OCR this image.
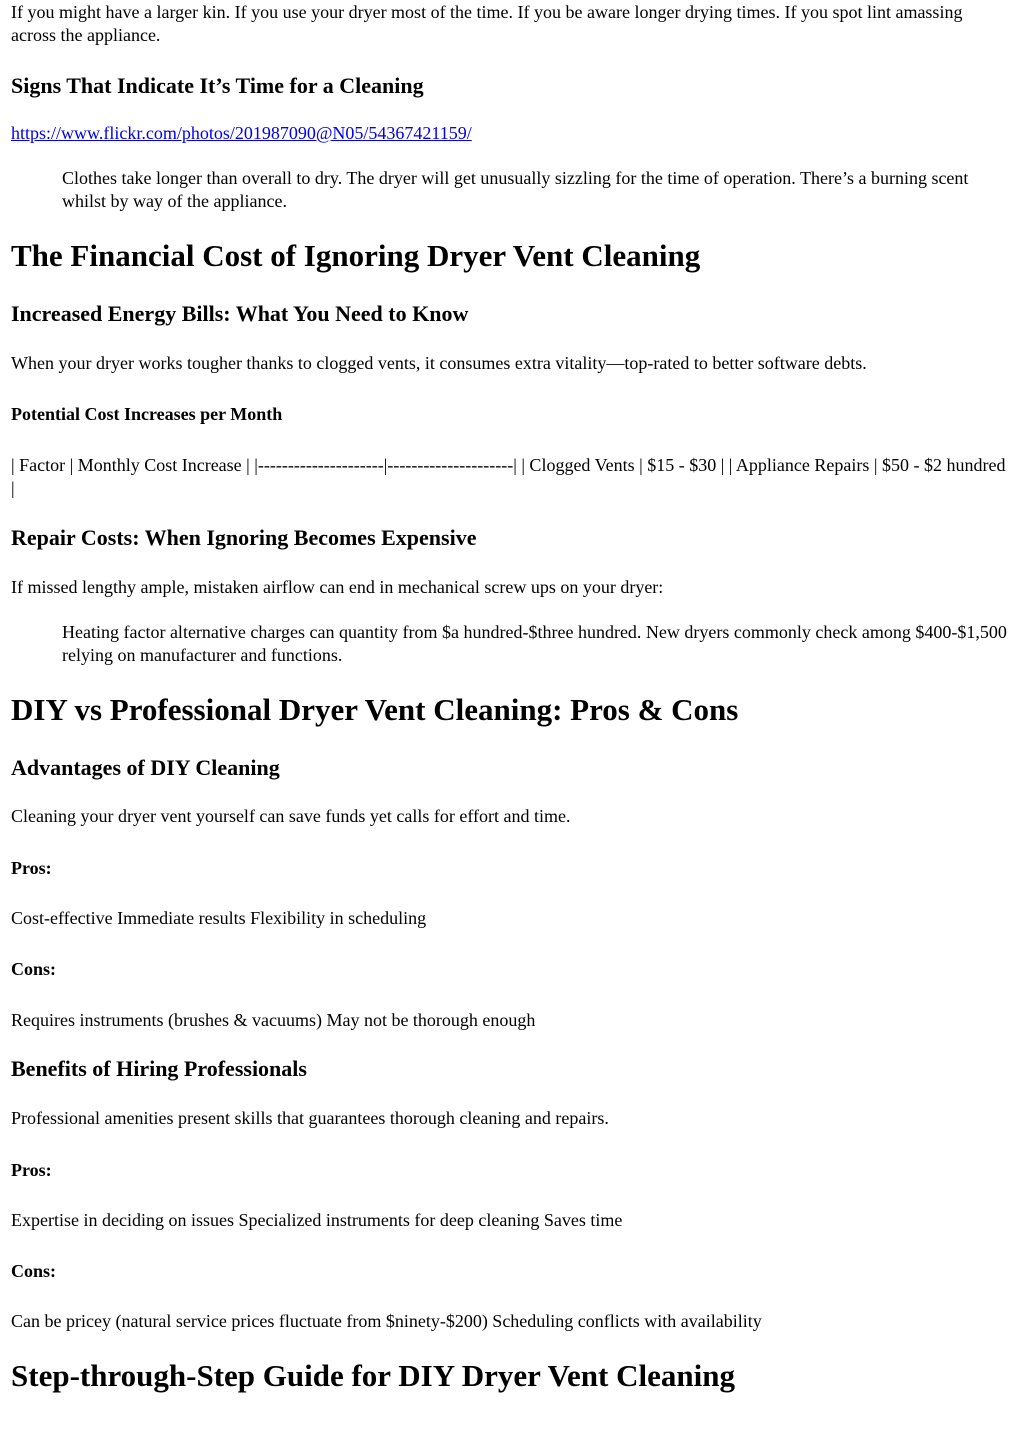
If you might have a larger kin. If you use your dryer most of the time. If you be aware longer drying times. If you spot lint amassing across the appliance.

Signs That Indicate It’s Time for a Cleaning

https://www.flickr.com/photos/201987090@N05/54367421159/

Clothes take longer than overall to dry. The dryer will get unusually sizzling for the time of operation. There’s a burning scent whilst by way of the appliance.
The Financial Cost of Ignoring Dryer Vent Cleaning
Increased Energy Bills: What You Need to Know

When your dryer works tougher thanks to clogged vents, it consumes extra vitality—top-rated to better software debts.

Potential Cost Increases per Month

| Factor | Monthly Cost Increase | |---------------------|---------------------| | Clogged Vents | $15 - $30 | | Appliance Repairs | $50 - $2 hundred |

Repair Costs: When Ignoring Becomes Expensive

If missed lengthy ample, mistaken airflow can end in mechanical screw ups on your dryer:

Heating factor alternative charges can quantity from $a hundred-$three hundred. New dryers commonly check among $400-$1,500 relying on manufacturer and functions.
DIY vs Professional Dryer Vent Cleaning: Pros & Cons
Advantages of DIY Cleaning

Cleaning your dryer vent yourself can save funds yet calls for effort and time.

Pros:

Cost-effective Immediate results Flexibility in scheduling

Cons:

Requires instruments (brushes & vacuums) May not be thorough enough

Benefits of Hiring Professionals

Professional amenities present skills that guarantees thorough cleaning and repairs.

Pros:

Expertise in deciding on issues Specialized instruments for deep cleaning Saves time

Cons:

Can be pricey (natural service prices fluctuate from $ninety-$200) Scheduling conflicts with availability

Step-through-Step Guide for DIY Dryer Vent Cleaning
